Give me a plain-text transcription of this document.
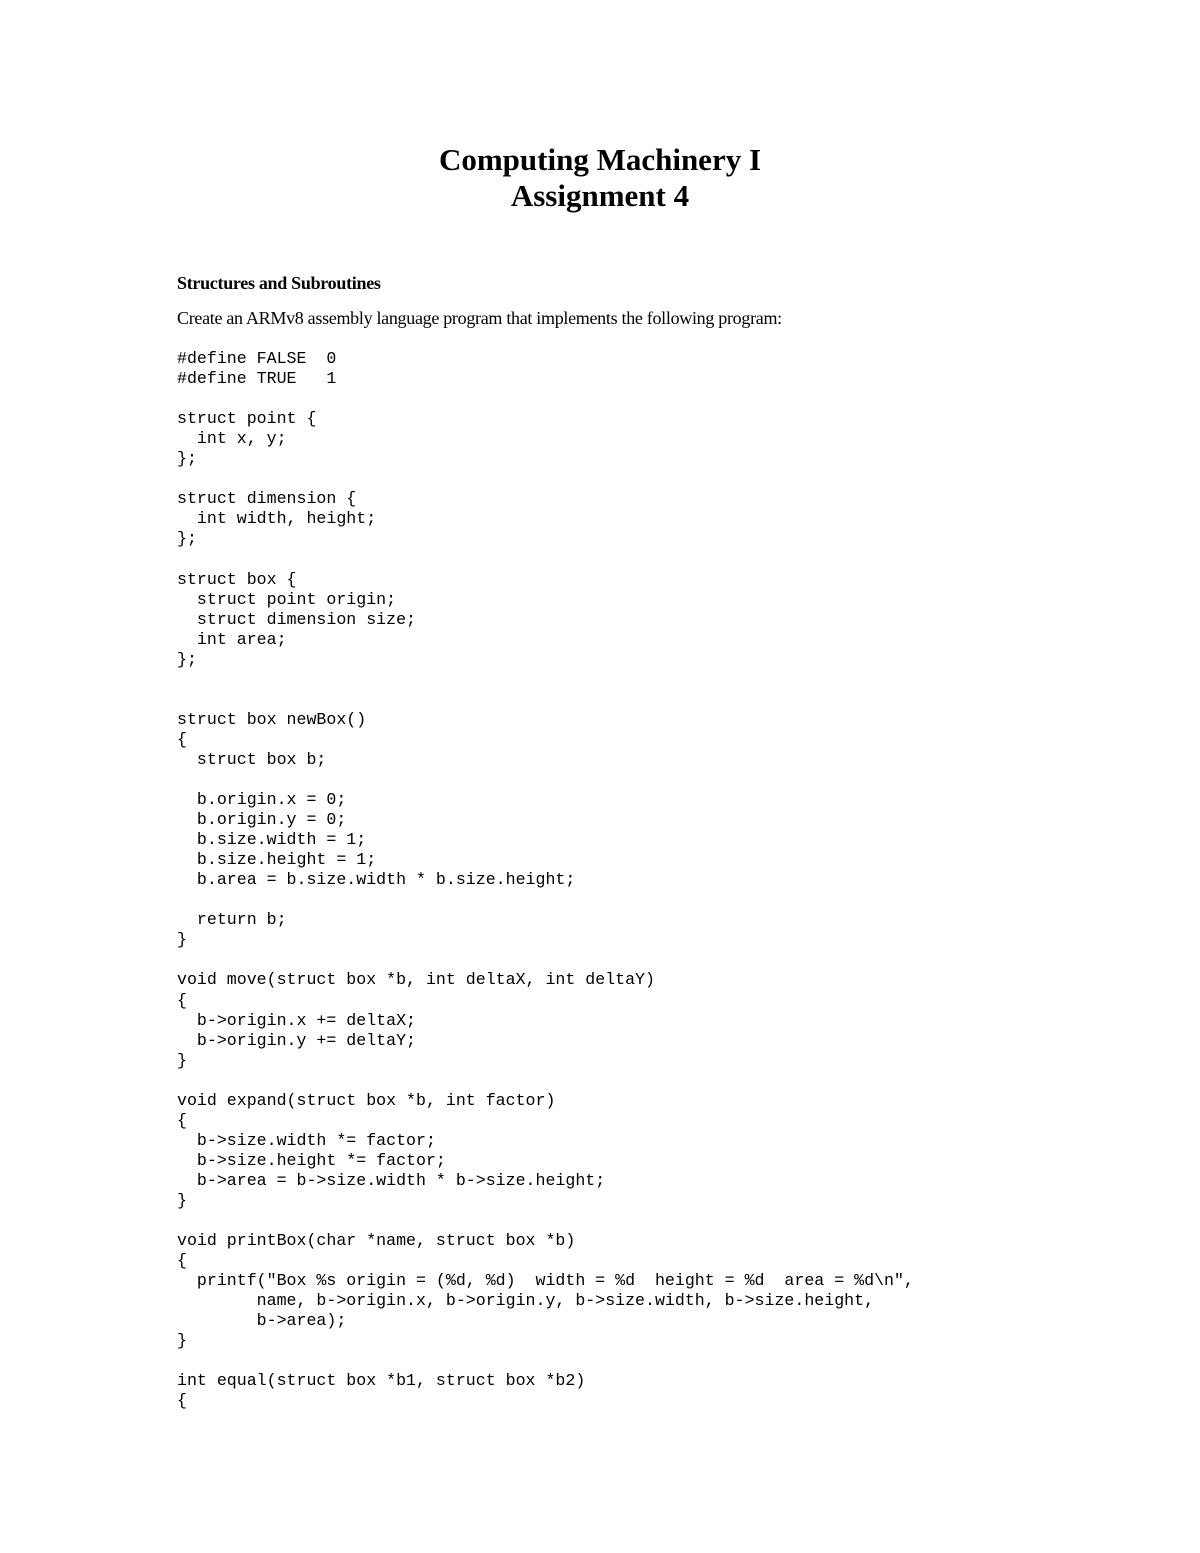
Computing Machinery I
Assignment 4
Structures and Subroutines
Create an ARMv8 assembly language program that implements the following program:
#define FALSE  0
#define TRUE   1
struct point {
int x, y;
};
struct dimension {
int width, height;
};
struct box {
struct point origin;
struct dimension size;
int area;
};
struct box newBox()
{
struct box b;
b.origin.x = 0;
b.origin.y = 0;
b.size.width = 1;
b.size.height = 1;
b.area = b.size.width * b.size.height;
return b;
}
void move(struct box *b, int deltaX, int deltaY)
{
b->origin.x += deltaX;
b->origin.y += deltaY;
}
void expand(struct box *b, int factor)
{
b->size.width *= factor;
b->size.height *= factor;
b->area = b->size.width * b->size.height;
}
void printBox(char *name, struct box *b)
{
printf("Box %s origin = (%d, %d)  width = %d  height = %d  area = %d\n",
name, b->origin.x, b->origin.y, b->size.width, b->size.height,
b->area);
}
int equal(struct box *b1, struct box *b2)
{
